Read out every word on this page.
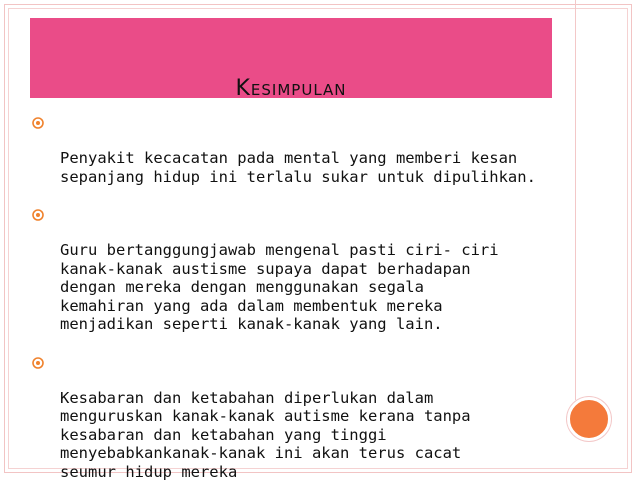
Kesimpulan

Penyakit kecacatan pada mental yang memberi kesan
sepanjang hidup ini terlalu sukar untuk dipulihkan.

Guru bertanggungjawab mengenal pasti ciri- ciri
kanak-kanak austisme supaya dapat berhadapan
dengan mereka dengan menggunakan segala
kemahiran yang ada dalam membentuk mereka
menjadikan seperti kanak-kanak yang lain.

Kesabaran dan ketabahan diperlukan dalam
menguruskan kanak-kanak autisme kerana tanpa
kesabaran dan ketabahan yang tinggi
menyebabkankanak-kanak ini akan terus cacat
seumur hidup mereka
